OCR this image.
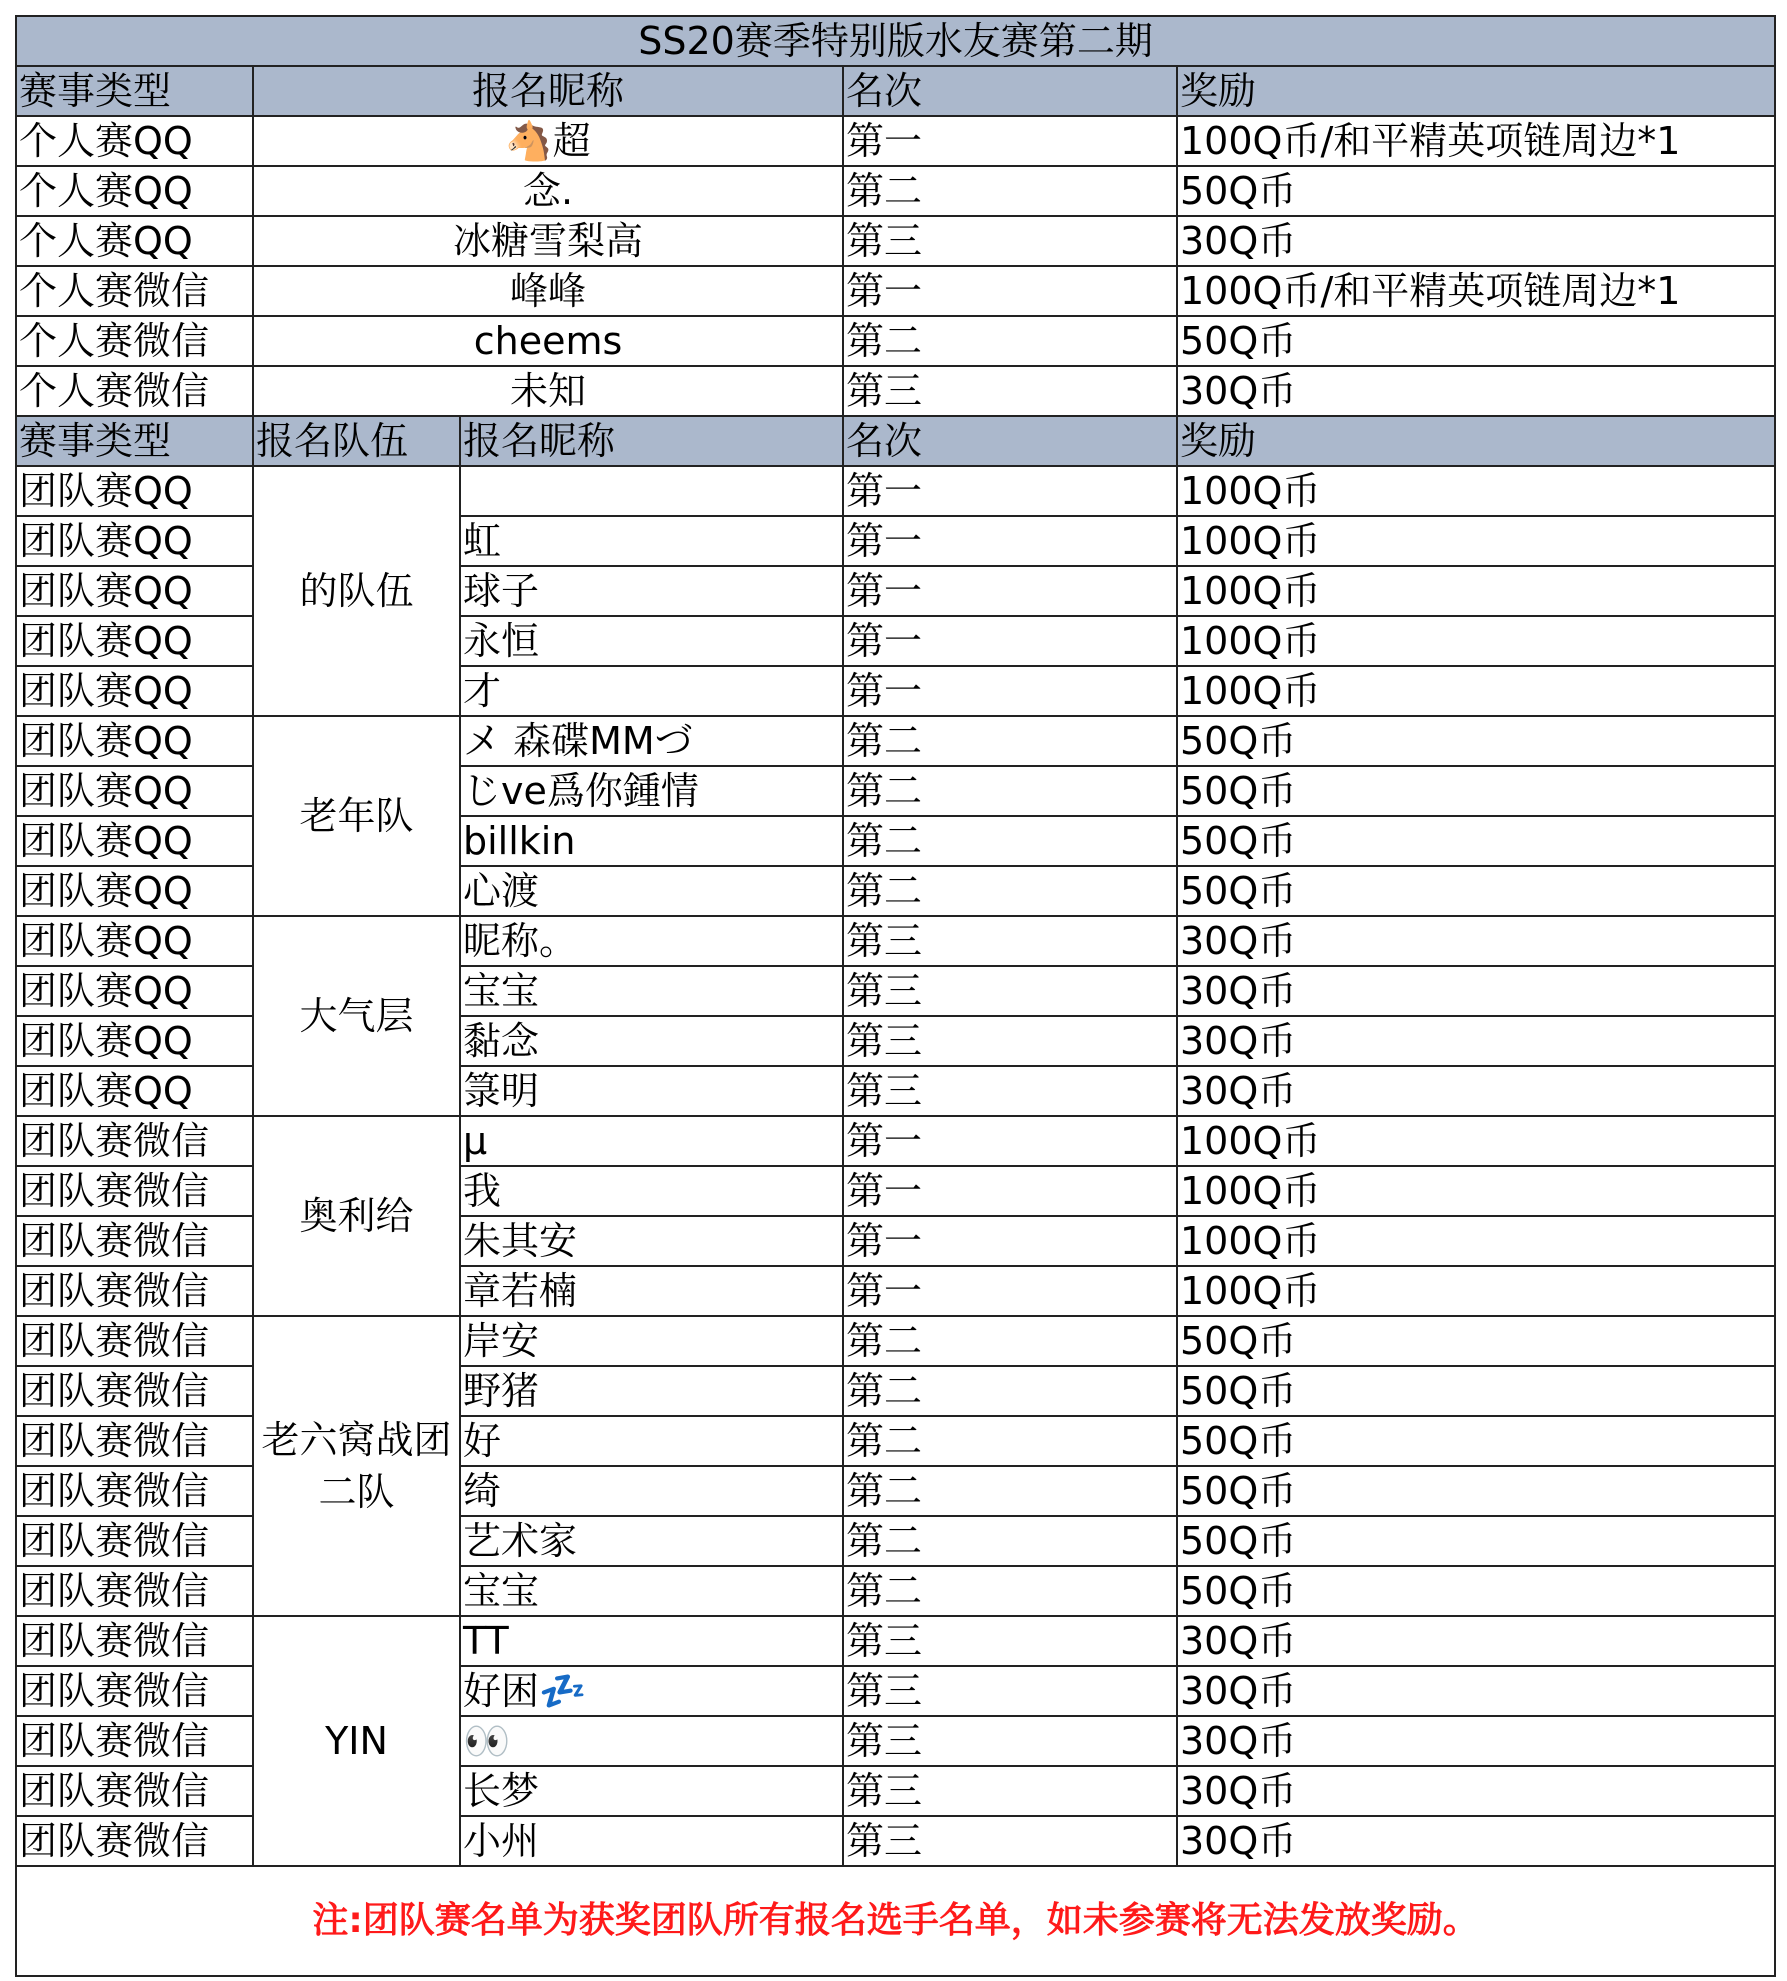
SS20赛季特别版水友赛第二期				
赛事类型	报名昵称		名次	奖励
个人赛QQ	🐴超		第一	100Q币/和平精英项链周边*1
个人赛QQ	念.		第二	50Q币
个人赛QQ	冰糖雪梨高		第三	30Q币
个人赛微信	峰峰		第一	100Q币/和平精英项链周边*1
个人赛微信	cheems		第二	50Q币
个人赛微信	未知		第三	30Q币
赛事类型	报名队伍	报名昵称	名次	奖励
团队赛QQ	的队伍		第一	100Q币
团队赛QQ		虹	第一	100Q币
团队赛QQ		球子	第一	100Q币
团队赛QQ		永恒	第一	100Q币
团队赛QQ		才	第一	100Q币
团队赛QQ	老年队	メ 森碟MMづ	第二	50Q币
团队赛QQ		じve爲你鍾情	第二	50Q币
团队赛QQ		billkin	第二	50Q币
团队赛QQ		心渡	第二	50Q币
团队赛QQ	大气层	昵称。	第三	30Q币
团队赛QQ		宝宝	第三	30Q币
团队赛QQ		黏念	第三	30Q币
团队赛QQ		箓明	第三	30Q币
团队赛微信	奥利给	μ	第一	100Q币
团队赛微信		我	第一	100Q币
团队赛微信		朱其安	第一	100Q币
团队赛微信		章若楠	第一	100Q币
团队赛微信	老六窝战团二队	岸安	第二	50Q币
团队赛微信		野猪	第二	50Q币
团队赛微信		好	第二	50Q币
团队赛微信		绮	第二	50Q币
团队赛微信		艺术家	第二	50Q币
团队赛微信		宝宝	第二	50Q币
团队赛微信	YIN	TT	第三	30Q币
团队赛微信		好困💤	第三	30Q币
团队赛微信		👀	第三	30Q币
团队赛微信		长梦	第三	30Q币
团队赛微信		小州	第三	30Q币
注:团队赛名单为获奖团队所有报名选手名单，如未参赛将无法发放奖励。				
